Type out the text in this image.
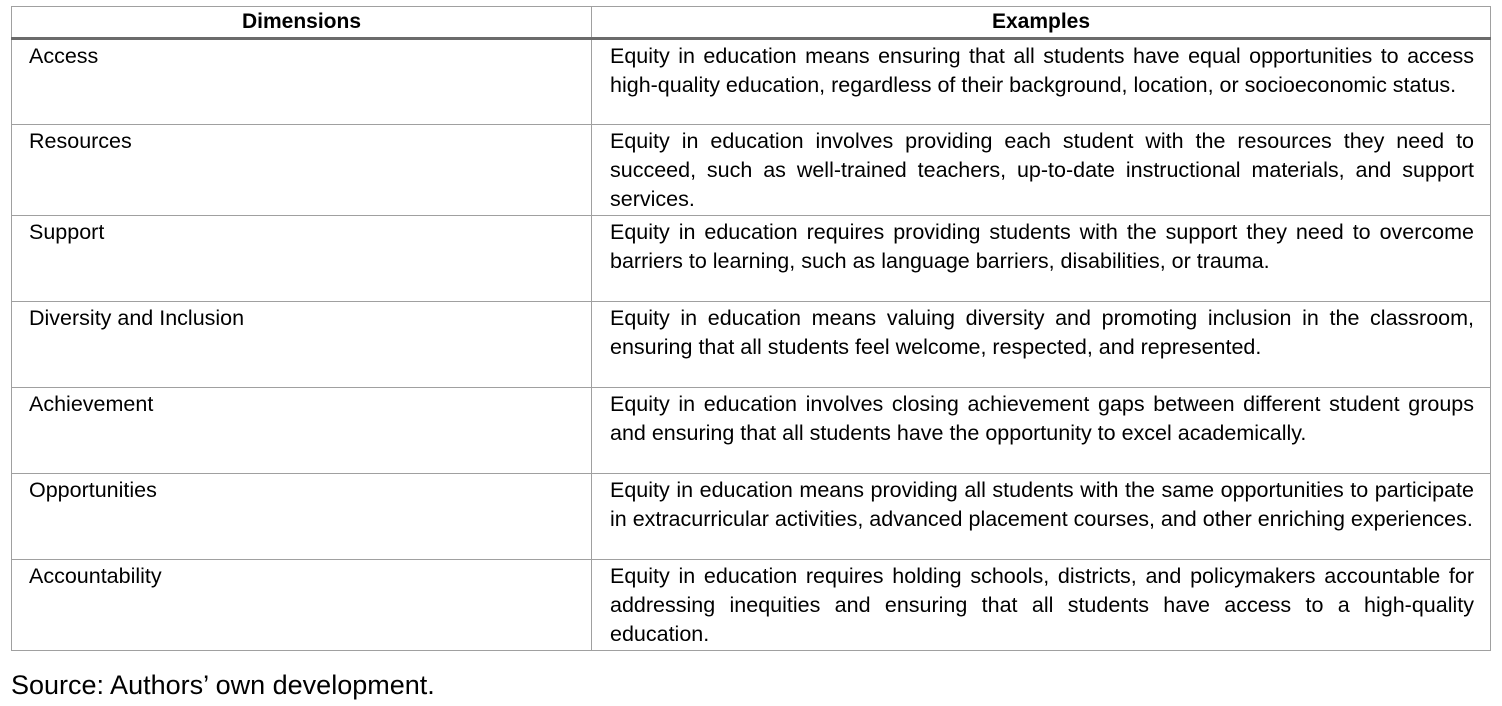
Dimensions	Examples
Access	Equity in education means ensuring that all students have equal opportunities to access high-quality education, regardless of their background, location, or socioeconomic status.
Resources	Equity in education involves providing each student with the resources they need to succeed, such as well-trained teachers, up-to-date instructional materials, and support services.
Support	Equity in education requires providing students with the support they need to overcome barriers to learning, such as language barriers, disabilities, or trauma.
Diversity and Inclusion	Equity in education means valuing diversity and promoting inclusion in the classroom, ensuring that all students feel welcome, respected, and represented.
Achievement	Equity in education involves closing achievement gaps between different student groups and ensuring that all students have the opportunity to excel academically.
Opportunities	Equity in education means providing all students with the same opportunities to participate in extracurricular activities, advanced placement courses, and other enriching experiences.
Accountability	Equity in education requires holding schools, districts, and policymakers accountable for addressing inequities and ensuring that all students have access to a high-quality education.
Source: Authors’ own development.
